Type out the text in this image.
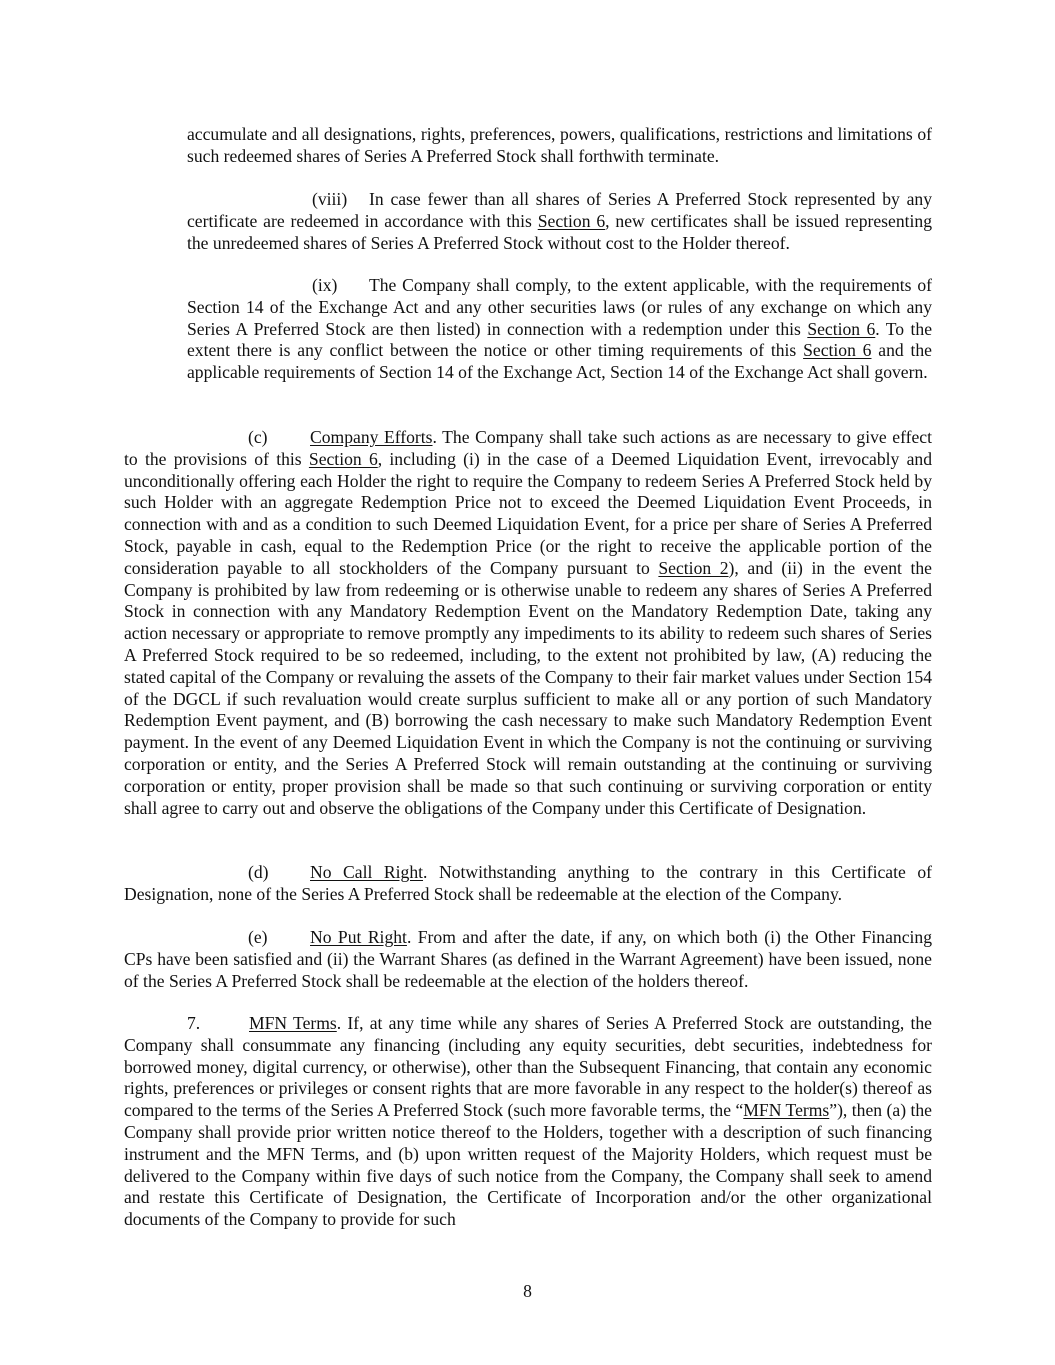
accumulate and all designations, rights, preferences, powers, qualifications, restrictions and limitations of such redeemed shares of Series A Preferred Stock shall forthwith terminate.

(viii) In case fewer than all shares of Series A Preferred Stock represented by any certificate are redeemed in accordance with this Section 6, new certificates shall be issued representing the unredeemed shares of Series A Preferred Stock without cost to the Holder thereof.

(ix) The Company shall comply, to the extent applicable, with the requirements of Section 14 of the Exchange Act and any other securities laws (or rules of any exchange on which any Series A Preferred Stock are then listed) in connection with a redemption under this Section 6. To the extent there is any conflict between the notice or other timing requirements of this Section 6 and the applicable requirements of Section 14 of the Exchange Act, Section 14 of the Exchange Act shall govern.

(c) Company Efforts. The Company shall take such actions as are necessary to give effect to the provisions of this Section 6, including (i) in the case of a Deemed Liquidation Event, irrevocably and unconditionally offering each Holder the right to require the Company to redeem Series A Preferred Stock held by such Holder with an aggregate Redemption Price not to exceed the Deemed Liquidation Event Proceeds, in connection with and as a condition to such Deemed Liquidation Event, for a price per share of Series A Preferred Stock, payable in cash, equal to the Redemption Price (or the right to receive the applicable portion of the consideration payable to all stockholders of the Company pursuant to Section 2), and (ii) in the event the Company is prohibited by law from redeeming or is otherwise unable to redeem any shares of Series A Preferred Stock in connection with any Mandatory Redemption Event on the Mandatory Redemption Date, taking any action necessary or appropriate to remove promptly any impediments to its ability to redeem such shares of Series A Preferred Stock required to be so redeemed, including, to the extent not prohibited by law, (A) reducing the stated capital of the Company or revaluing the assets of the Company to their fair market values under Section 154 of the DGCL if such revaluation would create surplus sufficient to make all or any portion of such Mandatory Redemption Event payment, and (B) borrowing the cash necessary to make such Mandatory Redemption Event payment. In the event of any Deemed Liquidation Event in which the Company is not the continuing or surviving corporation or entity, and the Series A Preferred Stock will remain outstanding at the continuing or surviving corporation or entity, proper provision shall be made so that such continuing or surviving corporation or entity shall agree to carry out and observe the obligations of the Company under this Certificate of Designation.

(d) No Call Right. Notwithstanding anything to the contrary in this Certificate of Designation, none of the Series A Preferred Stock shall be redeemable at the election of the Company.

(e) No Put Right. From and after the date, if any, on which both (i) the Other Financing CPs have been satisfied and (ii) the Warrant Shares (as defined in the Warrant Agreement) have been issued, none of the Series A Preferred Stock shall be redeemable at the election of the holders thereof.

7.	MFN Terms. If, at any time while any shares of Series A Preferred Stock are outstanding, the Company shall consummate any financing (including any equity securities, debt securities, indebtedness for borrowed money, digital currency, or otherwise), other than the Subsequent Financing, that contain any economic rights, preferences or privileges or consent rights that are more favorable in any respect to the holder(s) thereof as compared to the terms of the Series A Preferred Stock (such more favorable terms, the “MFN Terms”), then (a) the Company shall provide prior written notice thereof to the Holders, together with a description of such financing instrument and the MFN Terms, and (b) upon written request of the Majority Holders, which request must be delivered to the Company within five days of such notice from the Company, the Company shall seek to amend and restate this Certificate of Designation, the Certificate of Incorporation and/or the other organizational documents of the Company to provide for such

8
